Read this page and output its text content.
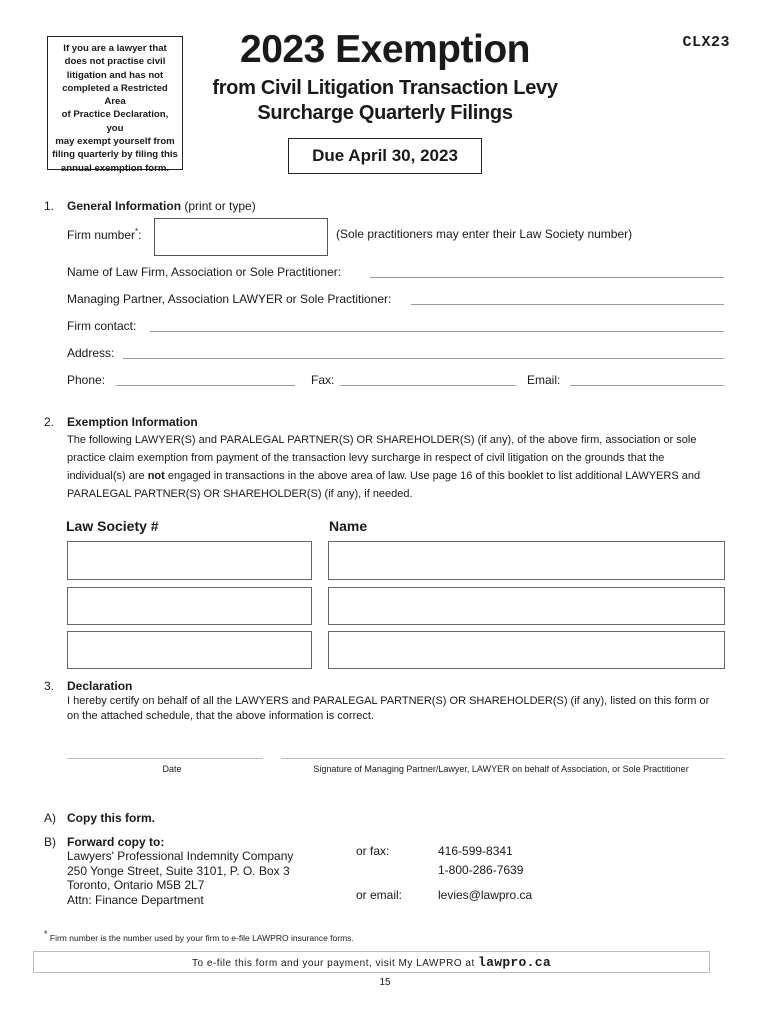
If you are a lawyer that
does not practise civil
litigation and has not
completed a Restricted Area
of Practice Declaration, you
may exempt yourself from
filing quarterly by filing this
annual exemption form.
2023 Exemption
from Civil Litigation Transaction Levy
Surcharge Quarterly Filings
CLX23
Due April 30, 2023
1. General Information (print or type)
Firm number*:	(Sole practitioners may enter their Law Society number)
Name of Law Firm, Association or Sole Practitioner:
Managing Partner, Association LAWYER or Sole Practitioner:
Firm contact:
Address:
Phone:	Fax:	Email:
2. Exemption Information
The following LAWYER(S) and PARALEGAL PARTNER(S) OR SHAREHOLDER(S) (if any), of the above firm, association or sole
practice claim exemption from payment of the transaction levy surcharge in respect of civil litigation on the grounds that the
individual(s) are not engaged in transactions in the above area of law. Use page 16 of this booklet to list additional LAWYERS and
PARALEGAL PARTNER(S) OR SHAREHOLDER(S) (if any), if needed.
Law Society #	Name
3. Declaration
I hereby certify on behalf of all the LAWYERS and PARALEGAL PARTNER(S) OR SHAREHOLDER(S) (if any), listed on this form or
on the attached schedule, that the above information is correct.
Date	Signature of Managing Partner/Lawyer, LAWYER on behalf of Association, or Sole Practitioner
A) Copy this form.
B) Forward copy to:
Lawyers' Professional Indemnity Company
250 Yonge Street, Suite 3101, P. O. Box 3
Toronto, Ontario M5B 2L7
Attn: Finance Department
or fax:	416-599-8341
1-800-286-7639
or email:	levies@lawpro.ca
* Firm number is the number used by your firm to e-file LAWPRO insurance forms.
To e-file this form and your payment, visit My LAWPRO at lawpro.ca
15
